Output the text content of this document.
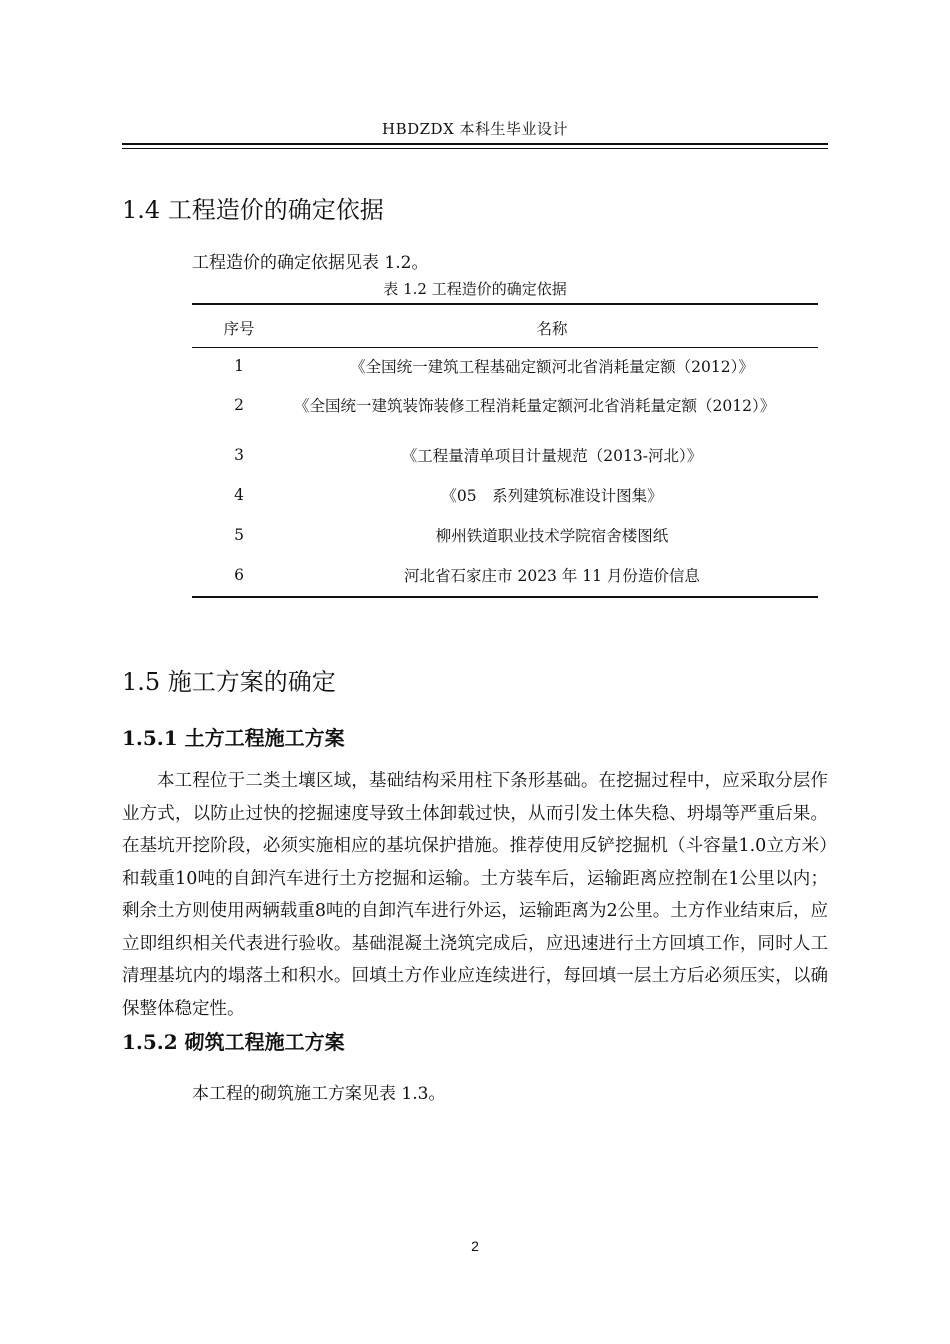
HBDZDX 本科生毕业设计
1.4 工程造价的确定依据
工程造价的确定依据见表 1.2。
表 1.2 工程造价的确定依据
序号	名称
1	《全国统一建筑工程基础定额河北省消耗量定额（2012）》
2	《全国统一建筑装饰装修工程消耗量定额河北省消耗量定额（2012）》
3	《工程量清单项目计量规范（2013-河北）》
4	《05　系列建筑标准设计图集》
5	柳州铁道职业技术学院宿舍楼图纸
6	河北省石家庄市 2023 年 11 月份造价信息
1.5 施工方案的确定
1.5.1 土方工程施工方案

本工程位于二类土壤区域，基础结构采用柱下条形基础。在挖掘过程中，应采取分层作业方式，以防止过快的挖掘速度导致土体卸载过快，从而引发土体失稳、坍塌等严重后果。在基坑开挖阶段，必须实施相应的基坑保护措施。推荐使用反铲挖掘机（斗容量1.0立方米）和载重10吨的自卸汽车进行土方挖掘和运输。土方装车后，运输距离应控制在1公里以内；剩余土方则使用两辆载重8吨的自卸汽车进行外运，运输距离为2公里。土方作业结束后，应立即组织相关代表进行验收。基础混凝土浇筑完成后，应迅速进行土方回填工作，同时人工清理基坑内的塌落土和积水。回填土方作业应连续进行，每回填一层土方后必须压实，以确保整体稳定性。

1.5.2 砌筑工程施工方案
本工程的砌筑施工方案见表 1.3。
2
